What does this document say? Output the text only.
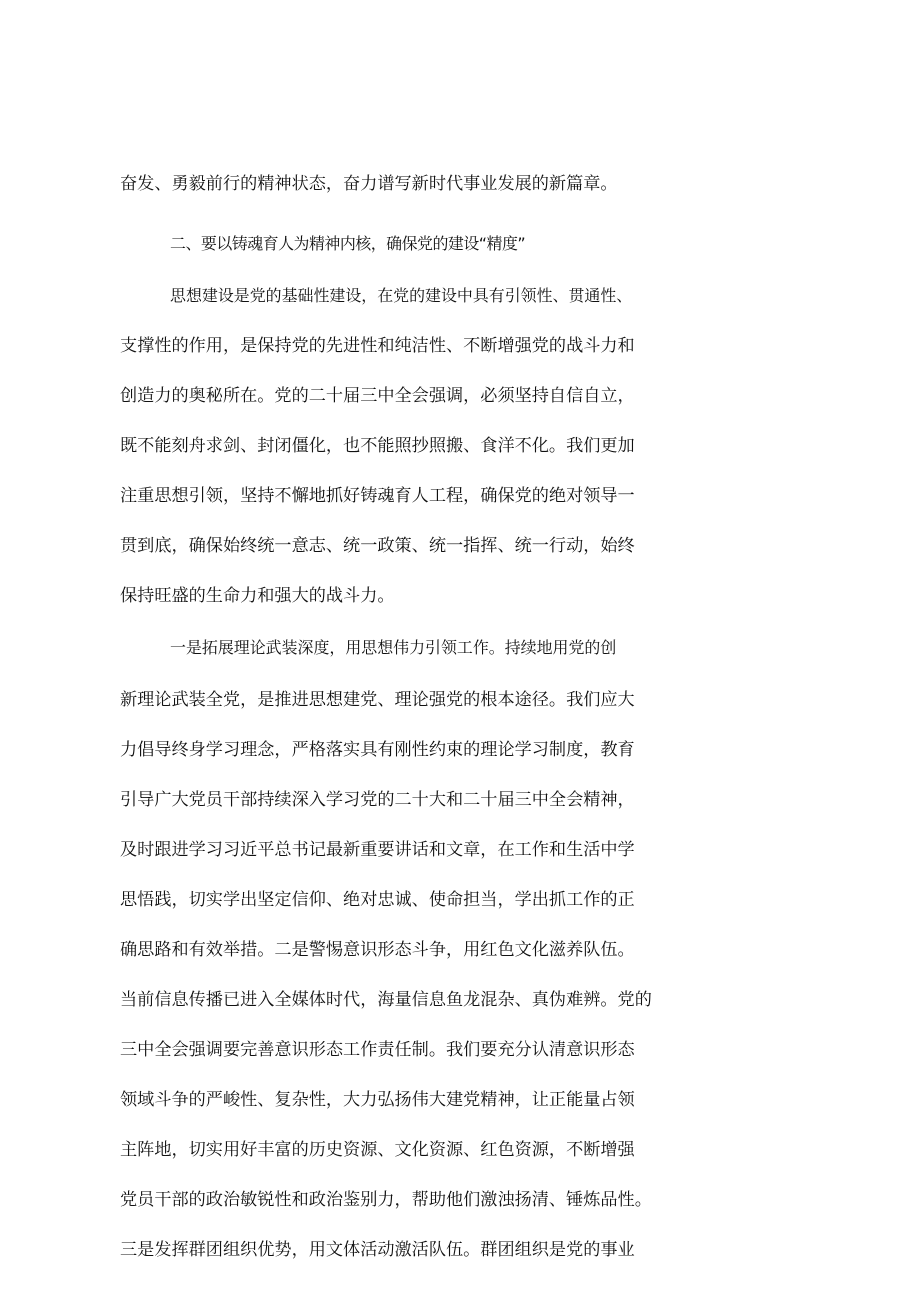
奋发、勇毅前行的精神状态，奋力谱写新时代事业发展的新篇章。
二、要以铸魂育人为精神内核，确保党的建设“精度”
思想建设是党的基础性建设，在党的建设中具有引领性、贯通性、
支撑性的作用，是保持党的先进性和纯洁性、不断增强党的战斗力和
创造力的奥秘所在。党的二十届三中全会强调，必须坚持自信自立，
既不能刻舟求剑、封闭僵化，也不能照抄照搬、食洋不化。我们更加
注重思想引领，坚持不懈地抓好铸魂育人工程，确保党的绝对领导一
贯到底，确保始终统一意志、统一政策、统一指挥、统一行动，始终
保持旺盛的生命力和强大的战斗力。
一是拓展理论武装深度，用思想伟力引领工作。持续地用党的创
新理论武装全党，是推进思想建党、理论强党的根本途径。我们应大
力倡导终身学习理念，严格落实具有刚性约束的理论学习制度，教育
引导广大党员干部持续深入学习党的二十大和二十届三中全会精神，
及时跟进学习习近平总书记最新重要讲话和文章，在工作和生活中学
思悟践，切实学出坚定信仰、绝对忠诚、使命担当，学出抓工作的正
确思路和有效举措。二是警惕意识形态斗争，用红色文化滋养队伍。
当前信息传播已进入全媒体时代，海量信息鱼龙混杂、真伪难辨。党的
三中全会强调要完善意识形态工作责任制。我们要充分认清意识形态
领域斗争的严峻性、复杂性，大力弘扬伟大建党精神，让正能量占领
主阵地，切实用好丰富的历史资源、文化资源、红色资源，不断增强
党员干部的政治敏锐性和政治鉴别力，帮助他们激浊扬清、锤炼品性。
三是发挥群团组织优势，用文体活动激活队伍。群团组织是党的事业
